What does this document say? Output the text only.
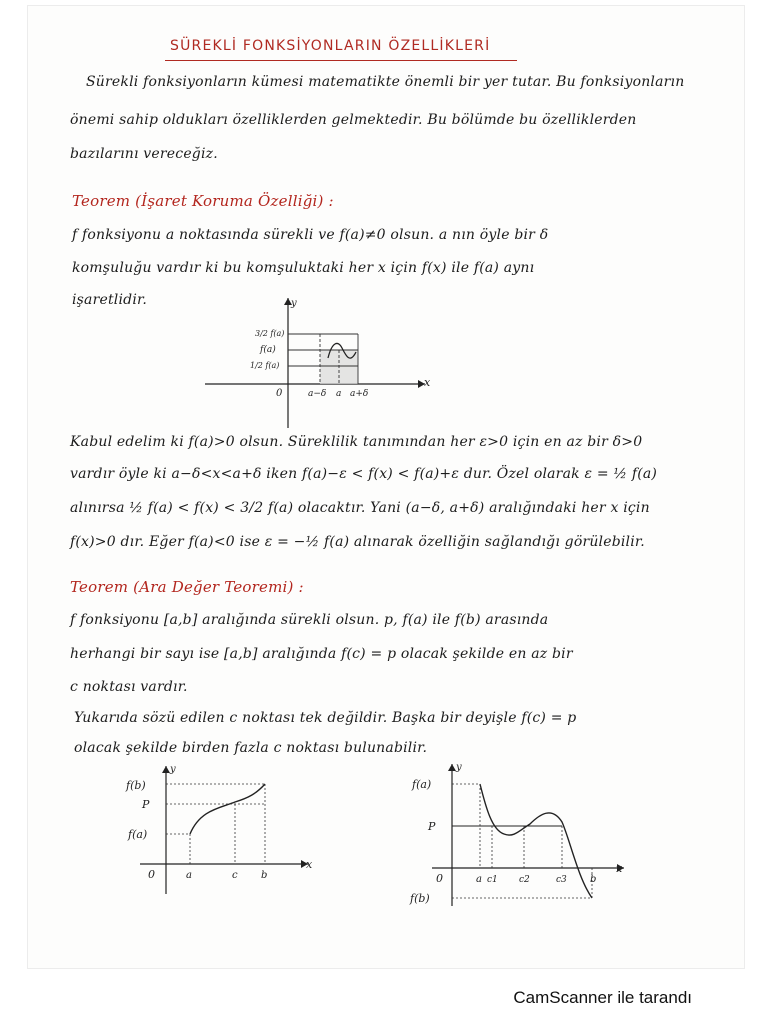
SÜREKLİ FONKSİYONLARIN ÖZELLİKLERİ
Sürekli fonksiyonların kümesi matematikte önemli bir yer tutar. Bu fonksiyonların
önemi sahip oldukları özelliklerden gelmektedir. Bu bölümde bu özelliklerden
bazılarını vereceğiz.
Teorem (İşaret Koruma Özelliği) :
f fonksiyonu a noktasında sürekli ve f(a)≠0 olsun. a nın öyle bir δ
komşuluğu vardır ki bu komşuluktaki her x için f(x) ile f(a) aynı
işaretlidir.	y
x
0
3/2 f(a)
f(a)
1/2 f(a)
a−δ a a+δ
Kabul edelim ki f(a)>0 olsun. Süreklilik tanımından her ε>0 için en az bir δ>0
vardır öyle ki a−δ<x<a+δ iken f(a)−ε < f(x) < f(a)+ε dur. Özel olarak ε = ½ f(a)
alınırsa ½ f(a) < f(x) < 3/2 f(a) olacaktır. Yani (a−δ, a+δ) aralığındaki her x için
f(x)>0 dır. Eğer f(a)<0 ise ε = −½ f(a) alınarak özelliğin sağlandığı görülebilir.
Teorem (Ara Değer Teoremi) :
f fonksiyonu [a,b] aralığında sürekli olsun. p, f(a) ile f(b) arasında
herhangi bir sayı ise [a,b] aralığında f(c) = p olacak şekilde en az bir
c noktası vardır.
Yukarıda sözü edilen c noktası tek değildir. Başka bir deyişle f(c) = p
olacak şekilde birden fazla c noktası bulunabilir.
y
x
0
f(b)
P
f(a)
a	c b
y
x
0
f(a)
P
f(b)
a c1 c2	c3 b
CamScanner ile tarandı
